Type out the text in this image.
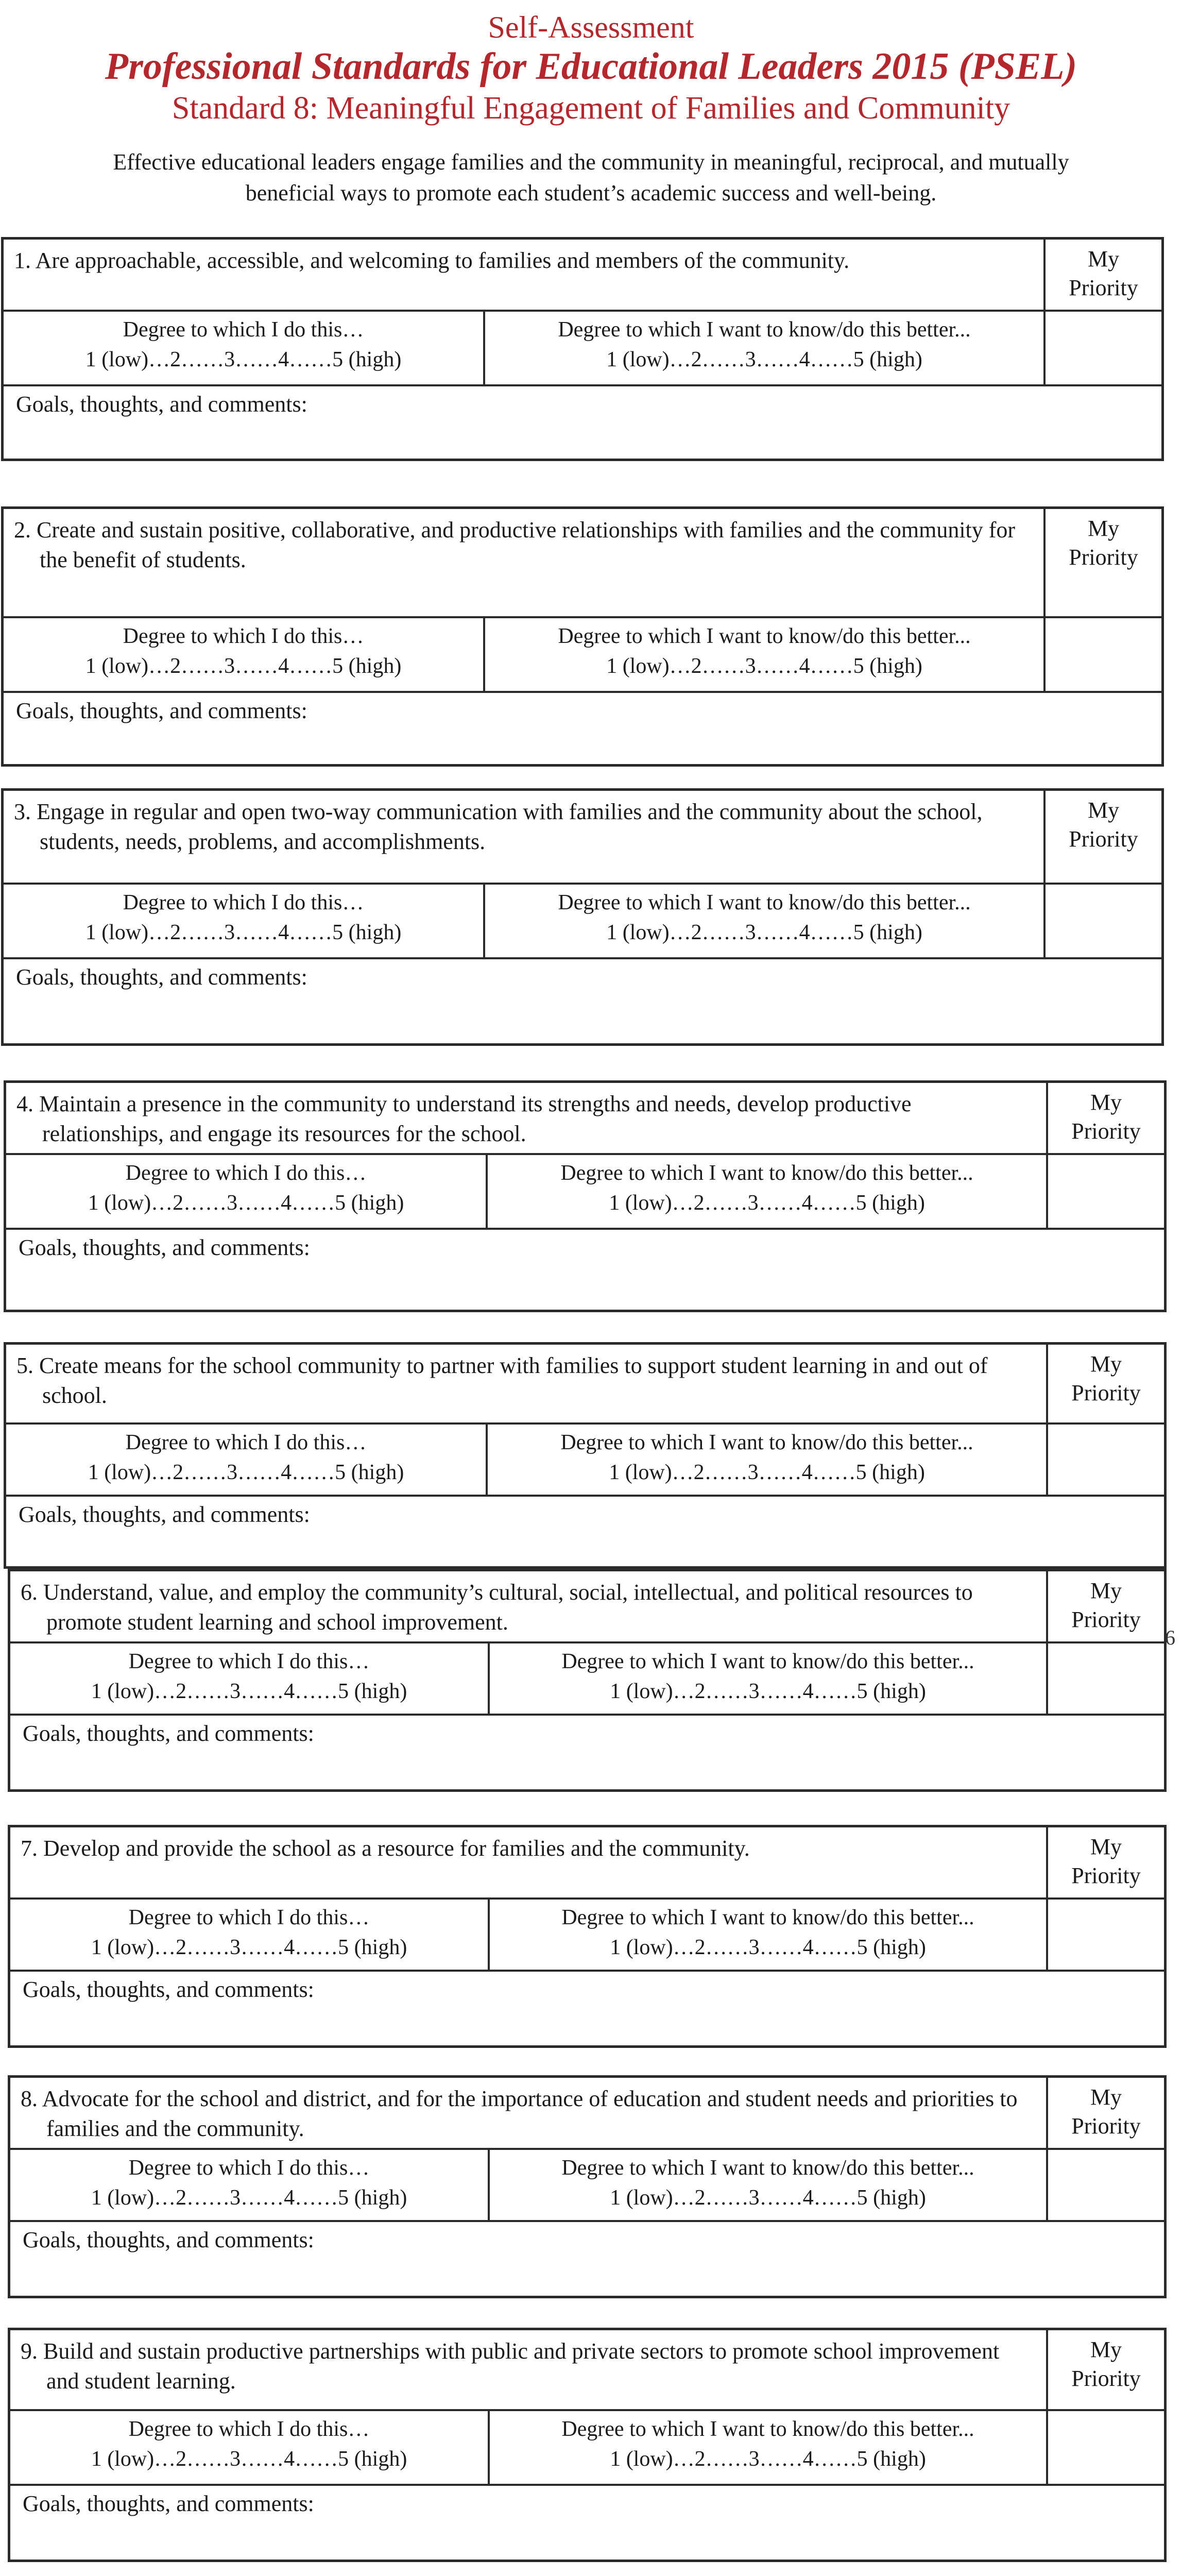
Self-Assessment
Professional Standards for Educational Leaders 2015 (PSEL)
Standard 8: Meaningful Engagement of Families and Community
Effective educational leaders engage families and the community in meaningful, reciprocal, and mutually beneficial ways to promote each student’s academic success and well-being.
1. Are approachable, accessible, and welcoming to families and members of the community.	My
Priority
Degree to which I do this…
1 (low)…2……3……4……5 (high)
Degree to which I want to know/do this better...
1 (low)…2……3……4……5 (high)
Goals, thoughts, and comments:
2. Create and sustain positive, collaborative, and productive relationships with families and the community for the benefit of students.
My
Priority
Degree to which I do this…
1 (low)…2……3……4……5 (high)
Degree to which I want to know/do this better...
1 (low)…2……3……4……5 (high)
Goals, thoughts, and comments:
3. Engage in regular and open two-way communication with families and the community about the school, students, needs, problems, and accomplishments.
My
Priority
Degree to which I do this…
1 (low)…2……3……4……5 (high)
Degree to which I want to know/do this better...
1 (low)…2……3……4……5 (high)
Goals, thoughts, and comments:
4. Maintain a presence in the community to understand its strengths and needs, develop productive relationships, and engage its resources for the school.
My
Priority
Degree to which I do this…
1 (low)…2……3……4……5 (high)
Degree to which I want to know/do this better...
1 (low)…2……3……4……5 (high)
Goals, thoughts, and comments:
5. Create means for the school community to partner with families to support student learning in and out of school.
My
Priority
Degree to which I do this…
1 (low)…2……3……4……5 (high)
Degree to which I want to know/do this better...
1 (low)…2……3……4……5 (high)
Goals, thoughts, and comments:
6. Understand, value, and employ the community’s cultural, social, intellectual, and political resources to promote student learning and school improvement.
My
Priority
Degree to which I do this…
1 (low)…2……3……4……5 (high)
Degree to which I want to know/do this better...
1 (low)…2……3……4……5 (high)
Goals, thoughts, and comments:
7. Develop and provide the school as a resource for families and the community.	My
Priority
Degree to which I do this…
1 (low)…2……3……4……5 (high)
Degree to which I want to know/do this better...
1 (low)…2……3……4……5 (high)
Goals, thoughts, and comments:
8. Advocate for the school and district, and for the importance of education and student needs and priorities to families and the community.
My
Priority
Degree to which I do this…
1 (low)…2……3……4……5 (high)
Degree to which I want to know/do this better...
1 (low)…2……3……4……5 (high)
Goals, thoughts, and comments:
9. Build and sustain productive partnerships with public and private sectors to promote school improvement and student learning.
My
Priority
Degree to which I do this…
1 (low)…2……3……4……5 (high)
Degree to which I want to know/do this better...
1 (low)…2……3……4……5 (high)
Goals, thoughts, and comments:
6
